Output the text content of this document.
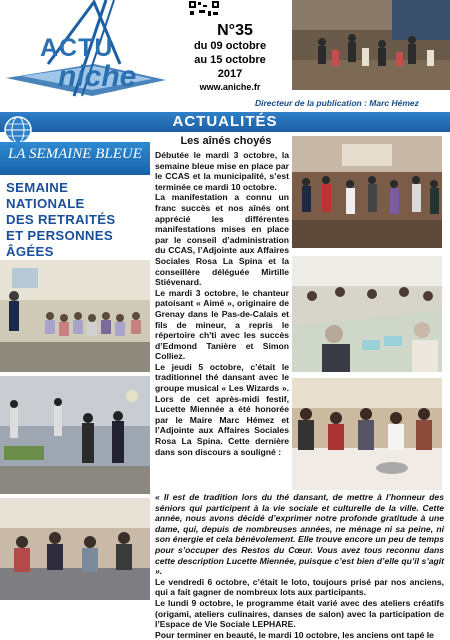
ACTU
niche
N°35
du 09 octobre
au 15 octobre
2017
www.aniche.fr
Directeur de la publication : Marc Hémez
ACTUALITÉS
LA SEMAINE BLEUE
SEMAINE
NATIONALE
DES RETRAITÉS
ET PERSONNES
ÂGÉES
Les aînés choyés

Débutée le mardi 3 octobre, la semaine bleue mise en place par le CCAS et la municipalité, s’est terminée ce mardi 10 octobre.

La manifestation a connu un franc succès et nos aînés ont apprécié les différentes manifestations mises en place par le conseil d’administration du CCAS, l’Adjointe aux Affaires Sociales Rosa La Spina et la conseillère déléguée Mirtille Stiévenard.

Le mardi 3 octobre, le chanteur patoisant « Aimé », originaire de Grenay dans le Pas-de-Calais et fils de mineur, a repris le répertoire ch'ti avec les succès d’Edmond Tanière et Simon Colliez.

Le jeudi 5 octobre, c’était le traditionnel thé dansant avec le groupe musical « Les Wizards ». Lors de cet après-midi festif, Lucette Miennée a été honorée par le Maire Marc Hémez et l’Adjointe aux Affaires Sociales Rosa La Spina. Cette dernière dans son discours a souligné :

« Il est de tradition lors du thé dansant, de mettre à l’honneur des séniors qui participent à la vie sociale et culturelle de la ville. Cette année, nous avons décidé d’exprimer notre profonde gratitude à une dame, qui, depuis de nombreuses années, ne ménage ni sa peine, ni son énergie et cela bénévolement. Elle trouve encore un peu de temps pour s’occuper des Restos du Cœur. Vous avez tous reconnu dans cette description Lucette Miennée, puisque c’est bien d’elle qu’il s’agit ».

Le vendredi 6 octobre, c’était le loto, toujours prisé par nos anciens, qui a fait gagner de nombreux lots aux participants.

Le lundi 9 octobre, le programme était varié avec des ateliers créatifs (origami, ateliers culinaires, danses de salon) avec la participation de l’Espace de Vie Sociale LEPHARE.

Pour terminer en beauté, le mardi 10 octobre, les anciens ont tapé le
